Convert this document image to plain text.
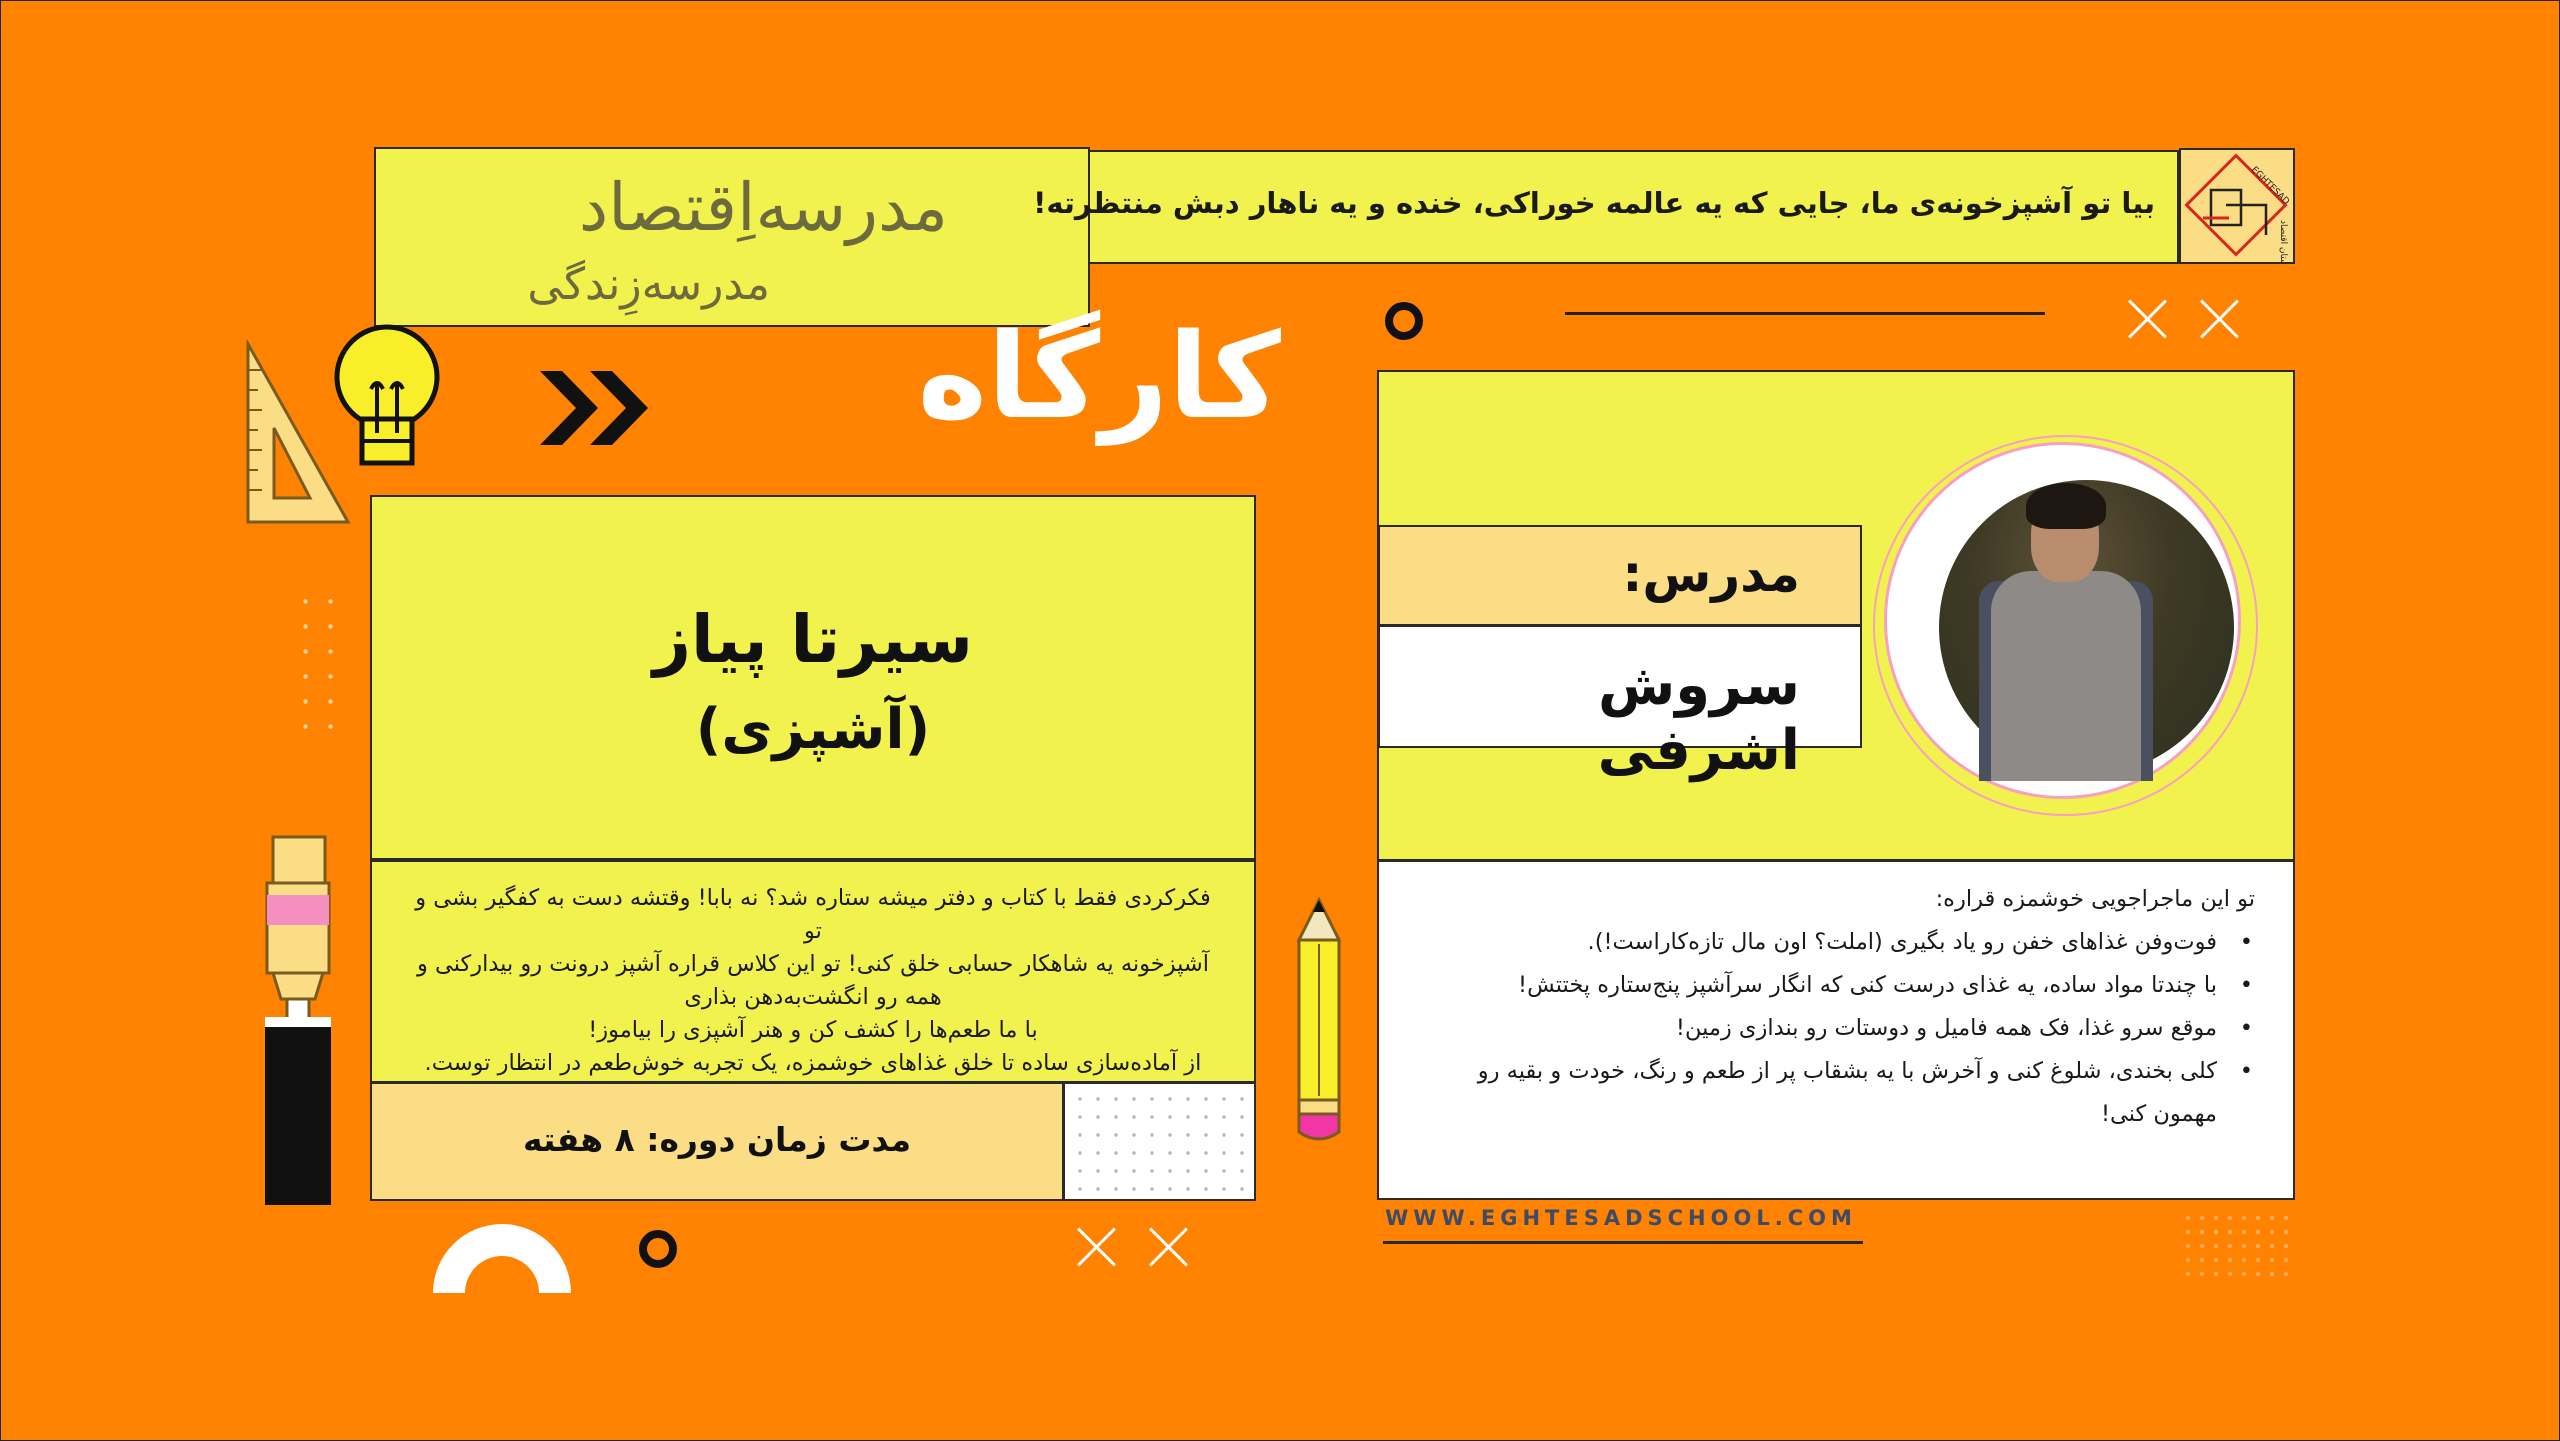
مدرسه‌اِقتصاد
مدرسه‌زِندگی
بیا تو آشپزخونه‌ی ما، جایی که یه عالمه خوراکی، خنده و یه ناهار دبش منتظرته!	EGHTESAD
دبستان اقتصاد
کارگاه
سیرتا پیاز
(آشپزی)
فکرکردی فقط با کتاب و دفتر میشه ستاره شد؟ نه بابا! وقتشه دست به کفگیر بشی و تو
آشپزخونه یه شاهکار حسابی خلق کنی! تو این کلاس قراره آشپز درونت رو بیدارکنی و
همه رو انگشت‌به‌دهن بذاری
با ما طعم‌ها را کشف کن و هنر آشپزی را بیاموز!
از آماده‌سازی ساده تا خلق غذاهای خوشمزه، یک تجربه خوش‌طعم در انتظار توست.
مدت زمان دوره: ۸ هفته
مدرس:
سروش اشرفی
تو این ماجراجویی خوشمزه قراره:
• فوت‌وفن غذاهای خفن رو یاد بگیری (املت؟ اون مال تازه‌کاراست!).
• با چندتا مواد ساده، یه غذای درست کنی که انگار سرآشپز پنج‌ستاره پختتش!
• موقع سرو غذا، فک همه فامیل و دوستات رو بندازی زمین!
• کلی بخندی، شلوغ کنی و آخرش با یه بشقاب پر از طعم و رنگ، خودت و بقیه رو مهمون کنی!
WWW.EGHTESADSCHOOL.COM
